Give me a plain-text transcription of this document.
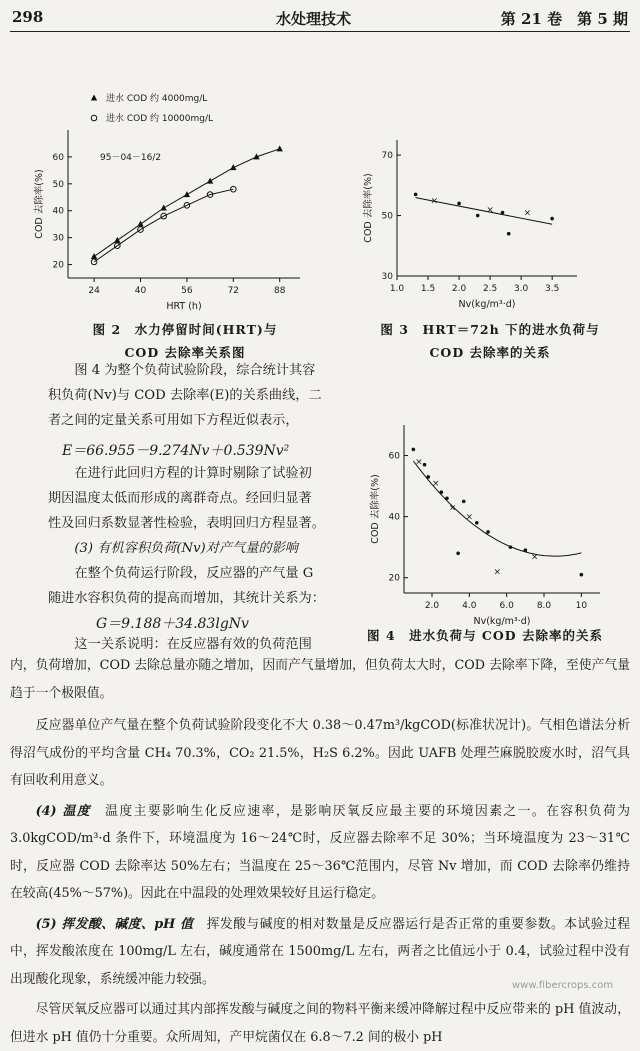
298	水处理技术	第 21 卷　第 5 期
24	40	56	72	88
20
30
40
50
60
HRT (h)
COD 去除率(%)
进水 COD 约 4000mg/L
进水 COD 约 10000mg/L
95－04－16/2
1.0 1.5 2.0 2.5 3.0 3.5
30
50
70
Nv(kg/m³·d)
COD 去除率(%)	×
×	×
2.0	4.0	6.0	8.0	10
20
40
60
Nv(kg/m³·d)
COD 去除率(%)
×
×
×
×
×
×
图 2　水力停留时间(HRT)与
COD 去除率关系图
图 3　HRT＝72h 下的进水负荷与
COD 去除率的关系
图 4　进水负荷与 COD 去除率的关系

图 4 为整个负荷试验阶段，综合统计其容

积负荷(Nv)与 COD 去除率(E)的关系曲线，二

者之间的定量关系可用如下方程近似表示，

E＝66.955－9.274Nv＋0.539Nv²

在进行此回归方程的计算时剔除了试验初

期因温度太低而形成的离群奇点。经回归显著

性及回归系数显著性检验，表明回归方程显著。

(3) 有机容积负荷(Nv)对产气量的影响

在整个负荷运行阶段，反应器的产气量 G

随进水容积负荷的提高而增加，其统计关系为：

G＝9.188＋34.83lgNv

这一关系说明：在反应器有效的负荷范围

内，负荷增加，COD 去除总量亦随之增加，因而产气量增加，但负荷太大时，COD 去除率下降，至使产气量趋于一个极限值。

反应器单位产气量在整个负荷试验阶段变化不大 0.38～0.47m³/kgCOD(标准状况计)。气相色谱法分析得沼气成份的平均含量 CH₄ 70.3%，CO₂ 21.5%，H₂S 6.2%。因此 UAFB 处理苎麻脱胶废水时，沼气具有回收利用意义。

(4) 温度　 温度主要影响生化反应速率，是影响厌氧反应最主要的环境因素之一。在容积负荷为 3.0kgCOD/m³·d 条件下，环境温度为 16～24℃时，反应器去除率不足 30%；当环境温度为 23～31℃时，反应器 COD 去除率达 50%左右；当温度在 25～36℃范围内，尽管 Nv 增加，而 COD 去除率仍维持在较高(45%～57%)。因此在中温段的处理效果较好且运行稳定。

(5) 挥发酸、碱度、pH 值　 挥发酸与碱度的相对数量是反应器运行是否正常的重要参数。本试验过程中，挥发酸浓度在 100mg/L 左右，碱度通常在 1500mg/L 左右，两者之比值远小于 0.4，试验过程中没有出现酸化现象，系统缓冲能力较强。

尽管厌氧反应器可以通过其内部挥发酸与碱度之间的物料平衡来缓冲降解过程中反应带来的 pH 值波动，但进水 pH 值仍十分重要。众所周知，产甲烷菌仅在 6.8～7.2 间的极小 pH

www.fibercrops.com
